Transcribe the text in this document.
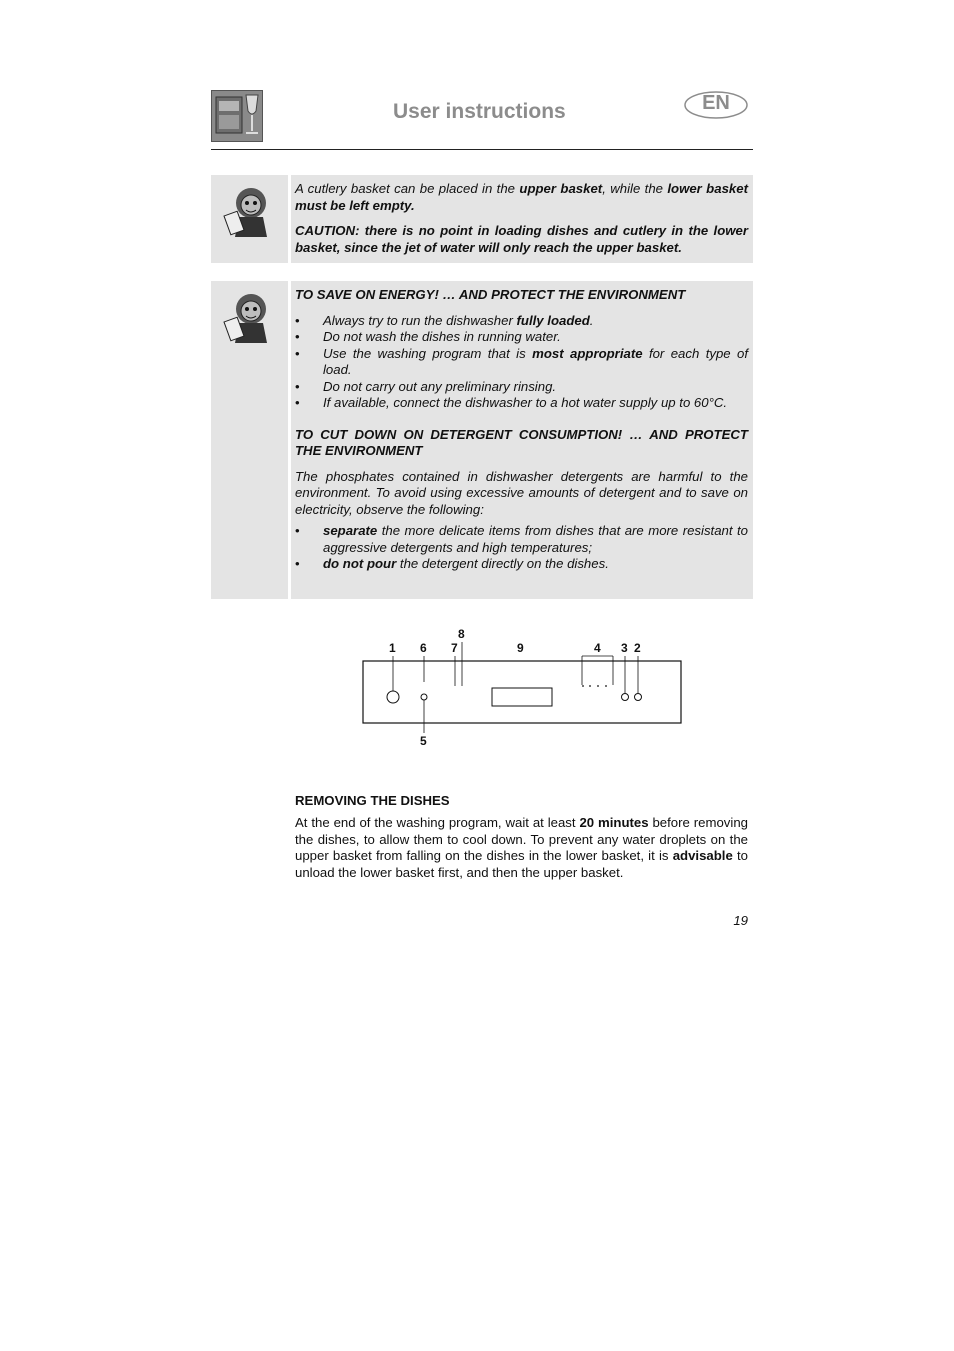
User instructions	EN

A cutlery basket can be placed in the upper basket, while the lower basket must be left empty.

CAUTION: there is no point in loading dishes and cutlery in the lower basket, since the jet of water will only reach the upper basket.

TO SAVE ON ENERGY! … AND PROTECT THE ENVIRONMENT

• Always try to run the dishwasher fully loaded.
• Do not wash the dishes in running water.
• Use the washing program that is most appropriate for each type of load.
• Do not carry out any preliminary rinsing.
• If available, connect the dishwasher to a hot water supply up to 60°C.

TO CUT DOWN ON DETERGENT CONSUMPTION! … AND PROTECT THE ENVIRONMENT

The phosphates contained in dishwasher detergents are harmful to the environment. To avoid using excessive amounts of detergent and to save on electricity, observe the following:

• separate the more delicate items from dishes that are more resistant to aggressive detergents and high temperatures;
• do not pour the detergent directly on the dishes.
1 6 7
8
9	4 3 2
5
REMOVING THE DISHES
At the end of the washing program, wait at least 20 minutes before removing the dishes, to allow them to cool down. To prevent any water droplets on the upper basket from falling on the dishes in the lower basket, it is advisable to unload the lower basket first, and then the upper basket.
19
